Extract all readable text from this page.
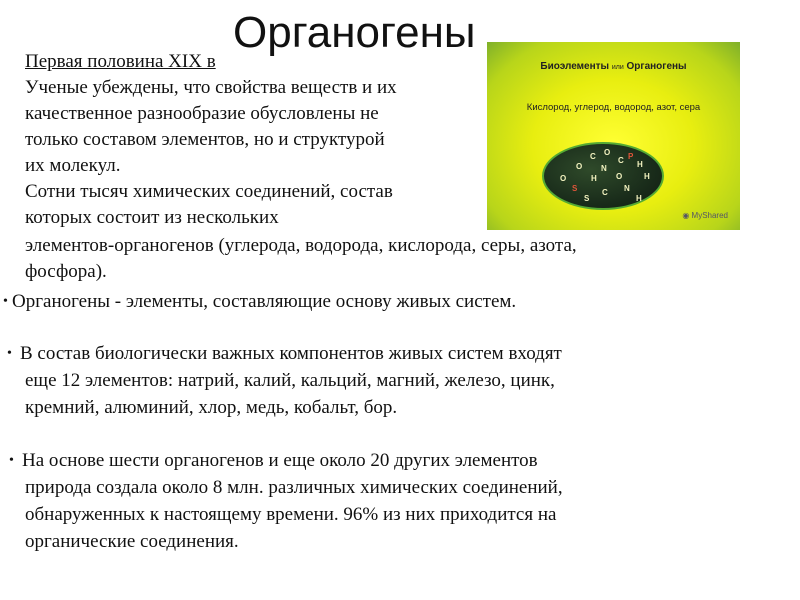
Органогены
Первая половина XIX в
Ученые убеждены, что свойства веществ и их
качественное разнообразие обусловлены не
только составом элементов, но и структурой
их молекул.
Сотни тысяч химических соединений, состав
которых состоит из нескольких
элементов-органогенов (углерода, водорода, кислорода, серы, азота,
фосфора).
• Органогены - элементы, составляющие основу живых систем.
• В состав биологически важных компонентов живых систем входят
еще 12 элементов: натрий, калий, кальций, магний, железо, цинк,
кремний, алюминий, хлор, медь, кобальт, бор.
• На основе шести органогенов и еще около 20 других элементов
природа создала около 8 млн. различных химических соединений,
обнаруженных к настоящему времени. 96% из них приходится на
органические соединения.
Биоэлементы или Органогены
Кислород, углерод, водород, азот, сера
С О
Н
О N
С
Н
О
S	N
О	Н
С
Н
S
Р
◉ MyShared
